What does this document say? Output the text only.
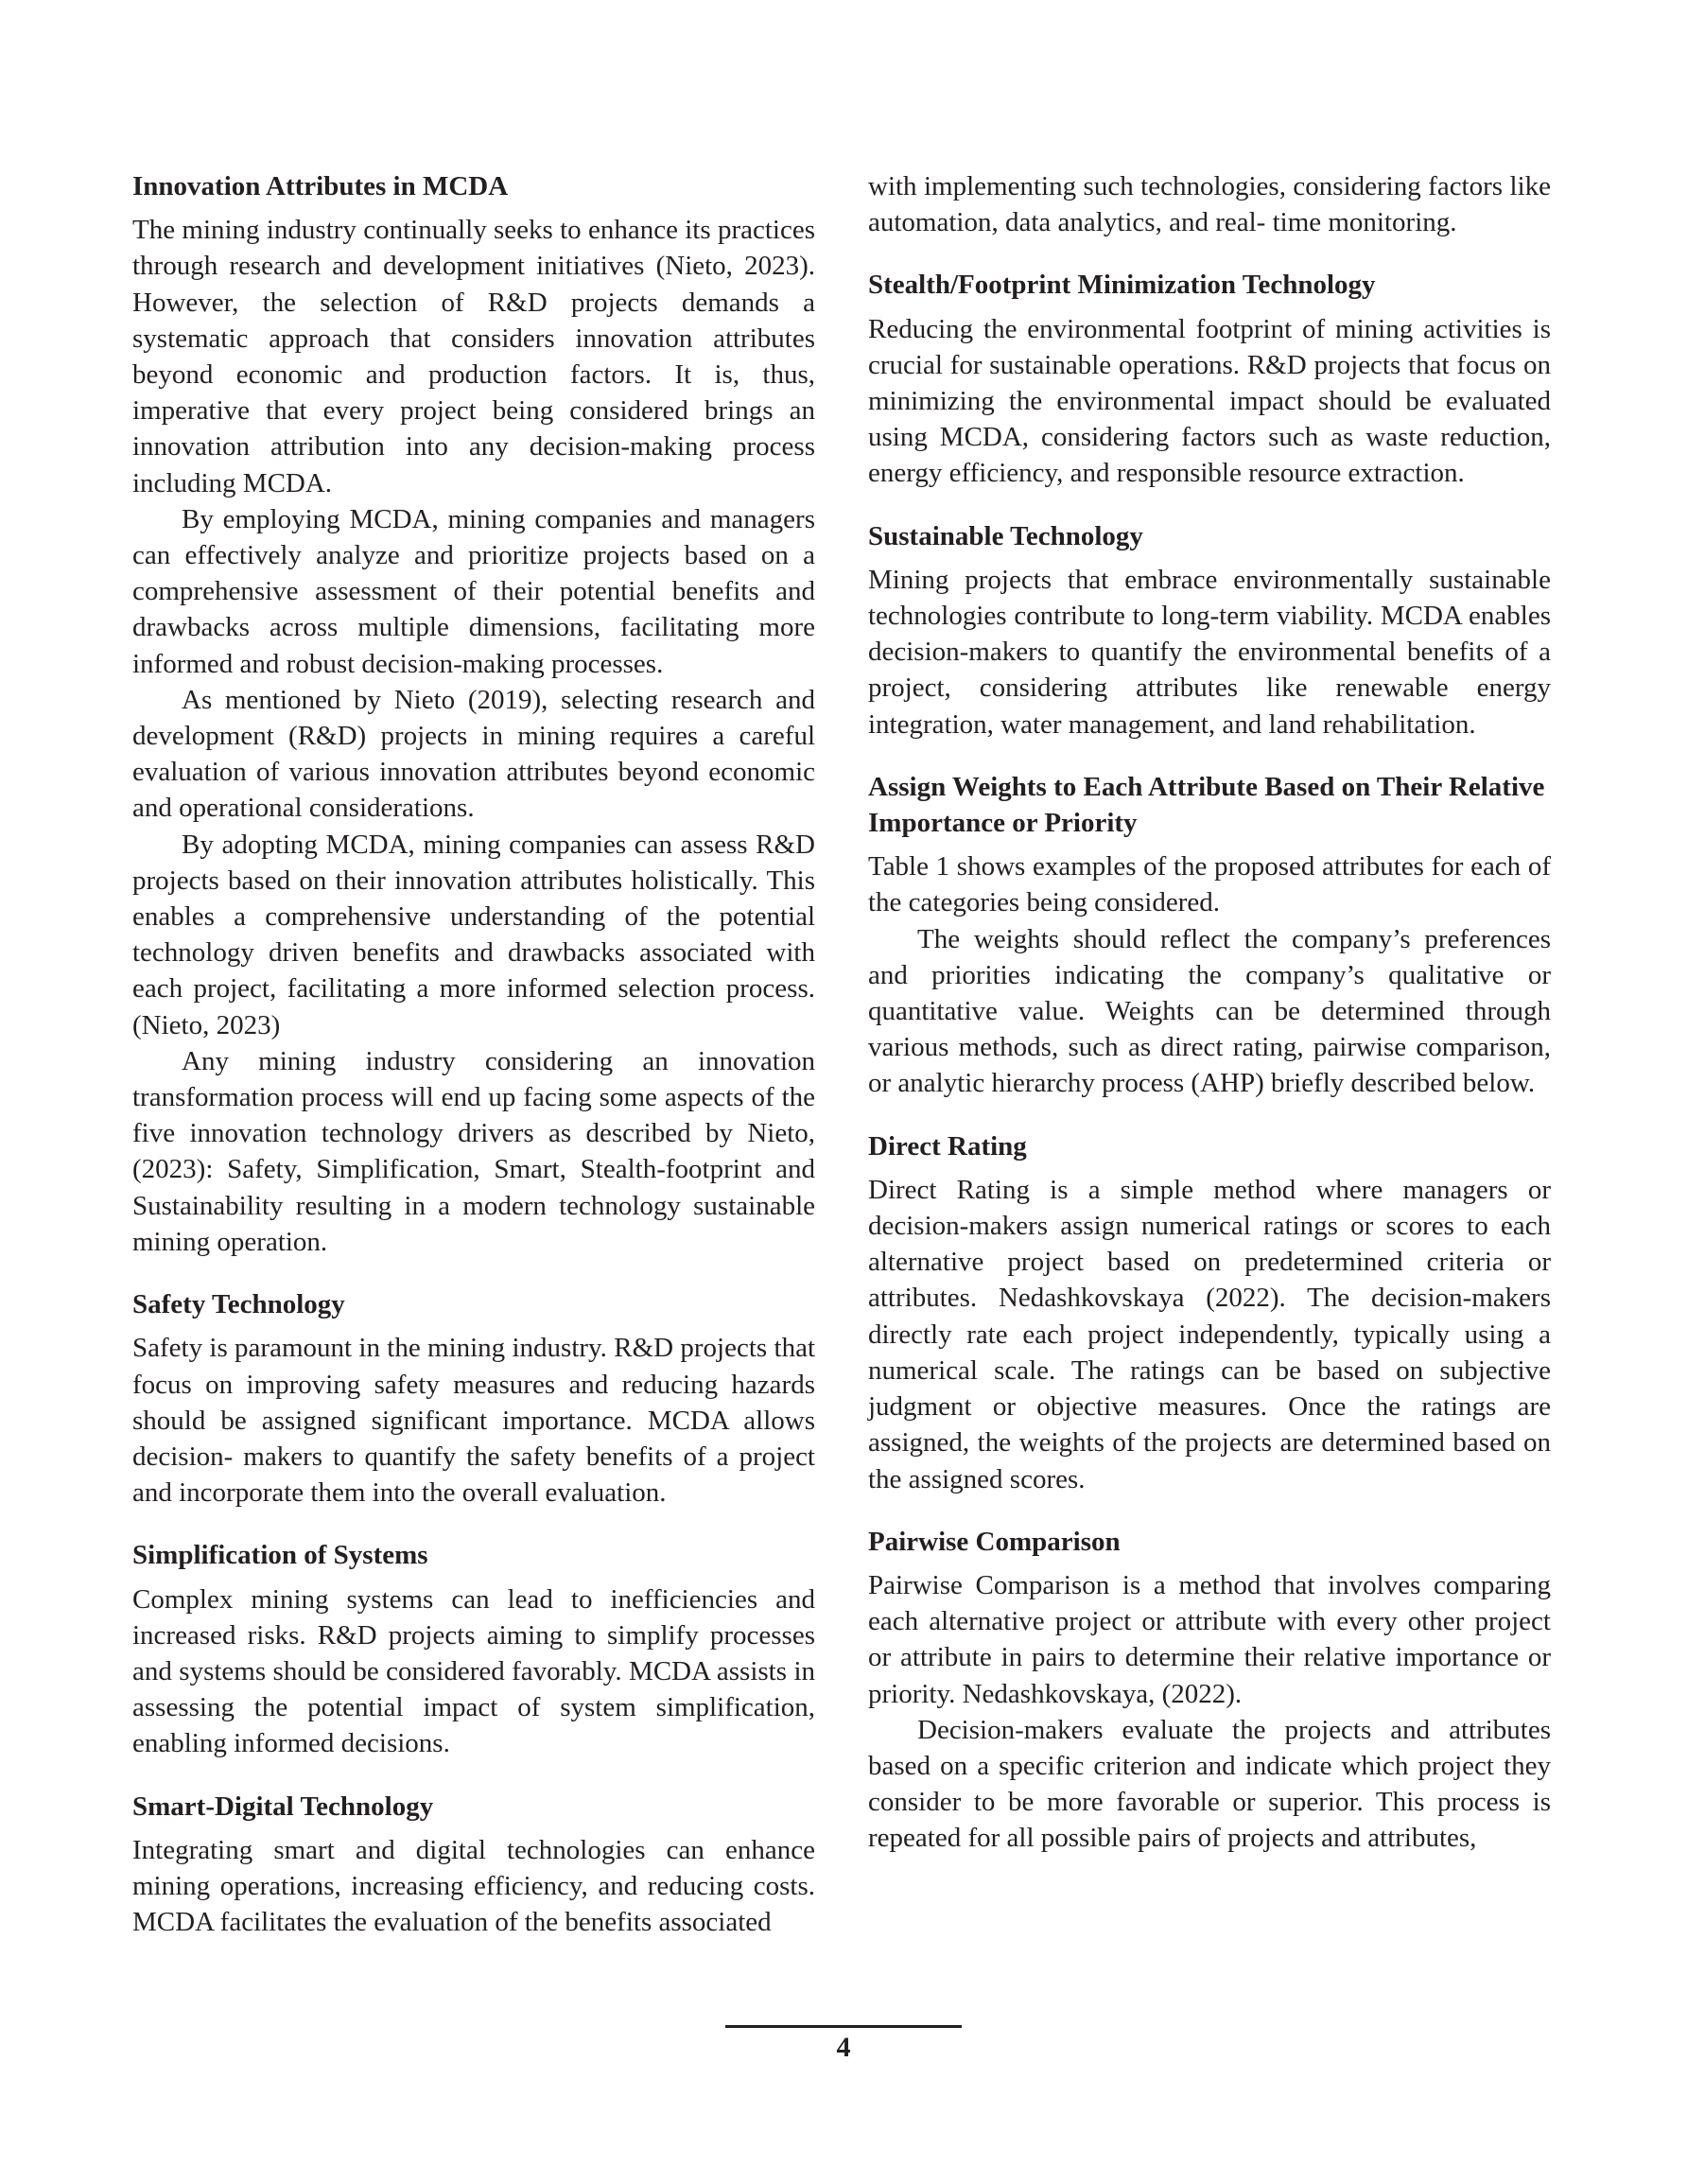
Innovation Attributes in MCDA

The mining industry continually seeks to enhance its practices through research and development initiatives (Nieto, 2023). However, the selection of R&D projects demands a systematic approach that considers innovation attributes beyond economic and production factors. It is, thus, imperative that every project being considered brings an innovation attribution into any decision-making process including MCDA.

By employing MCDA, mining companies and managers can effectively analyze and prioritize projects based on a comprehensive assessment of their potential benefits and drawbacks across multiple dimensions, facilitating more informed and robust decision-making processes.

As mentioned by Nieto (2019), selecting research and development (R&D) projects in mining requires a careful evaluation of various innovation attributes beyond economic and operational considerations.

By adopting MCDA, mining companies can assess R&D projects based on their innovation attributes holistically. This enables a comprehensive understanding of the potential technology driven benefits and drawbacks associated with each project, facilitating a more informed selection process. (Nieto, 2023)

Any mining industry considering an innovation transformation process will end up facing some aspects of the five innovation technology drivers as described by Nieto, (2023): Safety, Simplification, Smart, Stealth-footprint and Sustainability resulting in a modern technology sustainable mining operation.

Safety Technology

Safety is paramount in the mining industry. R&D projects that focus on improving safety measures and reducing hazards should be assigned significant importance. MCDA allows decision- makers to quantify the safety benefits of a project and incorporate them into the overall evaluation.

Simplification of Systems

Complex mining systems can lead to inefficiencies and increased risks. R&D projects aiming to simplify processes and systems should be considered favorably. MCDA assists in assessing the potential impact of system simplification, enabling informed decisions.

Smart-Digital Technology

Integrating smart and digital technologies can enhance mining operations, increasing efficiency, and reducing costs. MCDA facilitates the evaluation of the benefits associated

with implementing such technologies, considering factors like automation, data analytics, and real- time monitoring.

Stealth/Footprint Minimization Technology

Reducing the environmental footprint of mining activities is crucial for sustainable operations. R&D projects that focus on minimizing the environmental impact should be evaluated using MCDA, considering factors such as waste reduction, energy efficiency, and responsible resource extraction.

Sustainable Technology

Mining projects that embrace environmentally sustainable technologies contribute to long-term viability. MCDA enables decision-makers to quantify the environmental benefits of a project, considering attributes like renewable energy integration, water management, and land rehabilitation.

Assign Weights to Each Attribute Based on Their Relative Importance or Priority

Table 1 shows examples of the proposed attributes for each of the categories being considered.

The weights should reflect the company’s preferences and priorities indicating the company’s qualitative or quantitative value. Weights can be determined through various methods, such as direct rating, pairwise comparison, or analytic hierarchy process (AHP) briefly described below.

Direct Rating

Direct Rating is a simple method where managers or decision-makers assign numerical ratings or scores to each alternative project based on predetermined criteria or attributes. Nedashkovskaya (2022). The decision-makers directly rate each project independently, typically using a numerical scale. The ratings can be based on subjective judgment or objective measures. Once the ratings are assigned, the weights of the projects are determined based on the assigned scores.

Pairwise Comparison

Pairwise Comparison is a method that involves comparing each alternative project or attribute with every other project or attribute in pairs to determine their relative importance or priority. Nedashkovskaya, (2022).

Decision-makers evaluate the projects and attributes based on a specific criterion and indicate which project they consider to be more favorable or superior. This process is repeated for all possible pairs of projects and attributes,

4
